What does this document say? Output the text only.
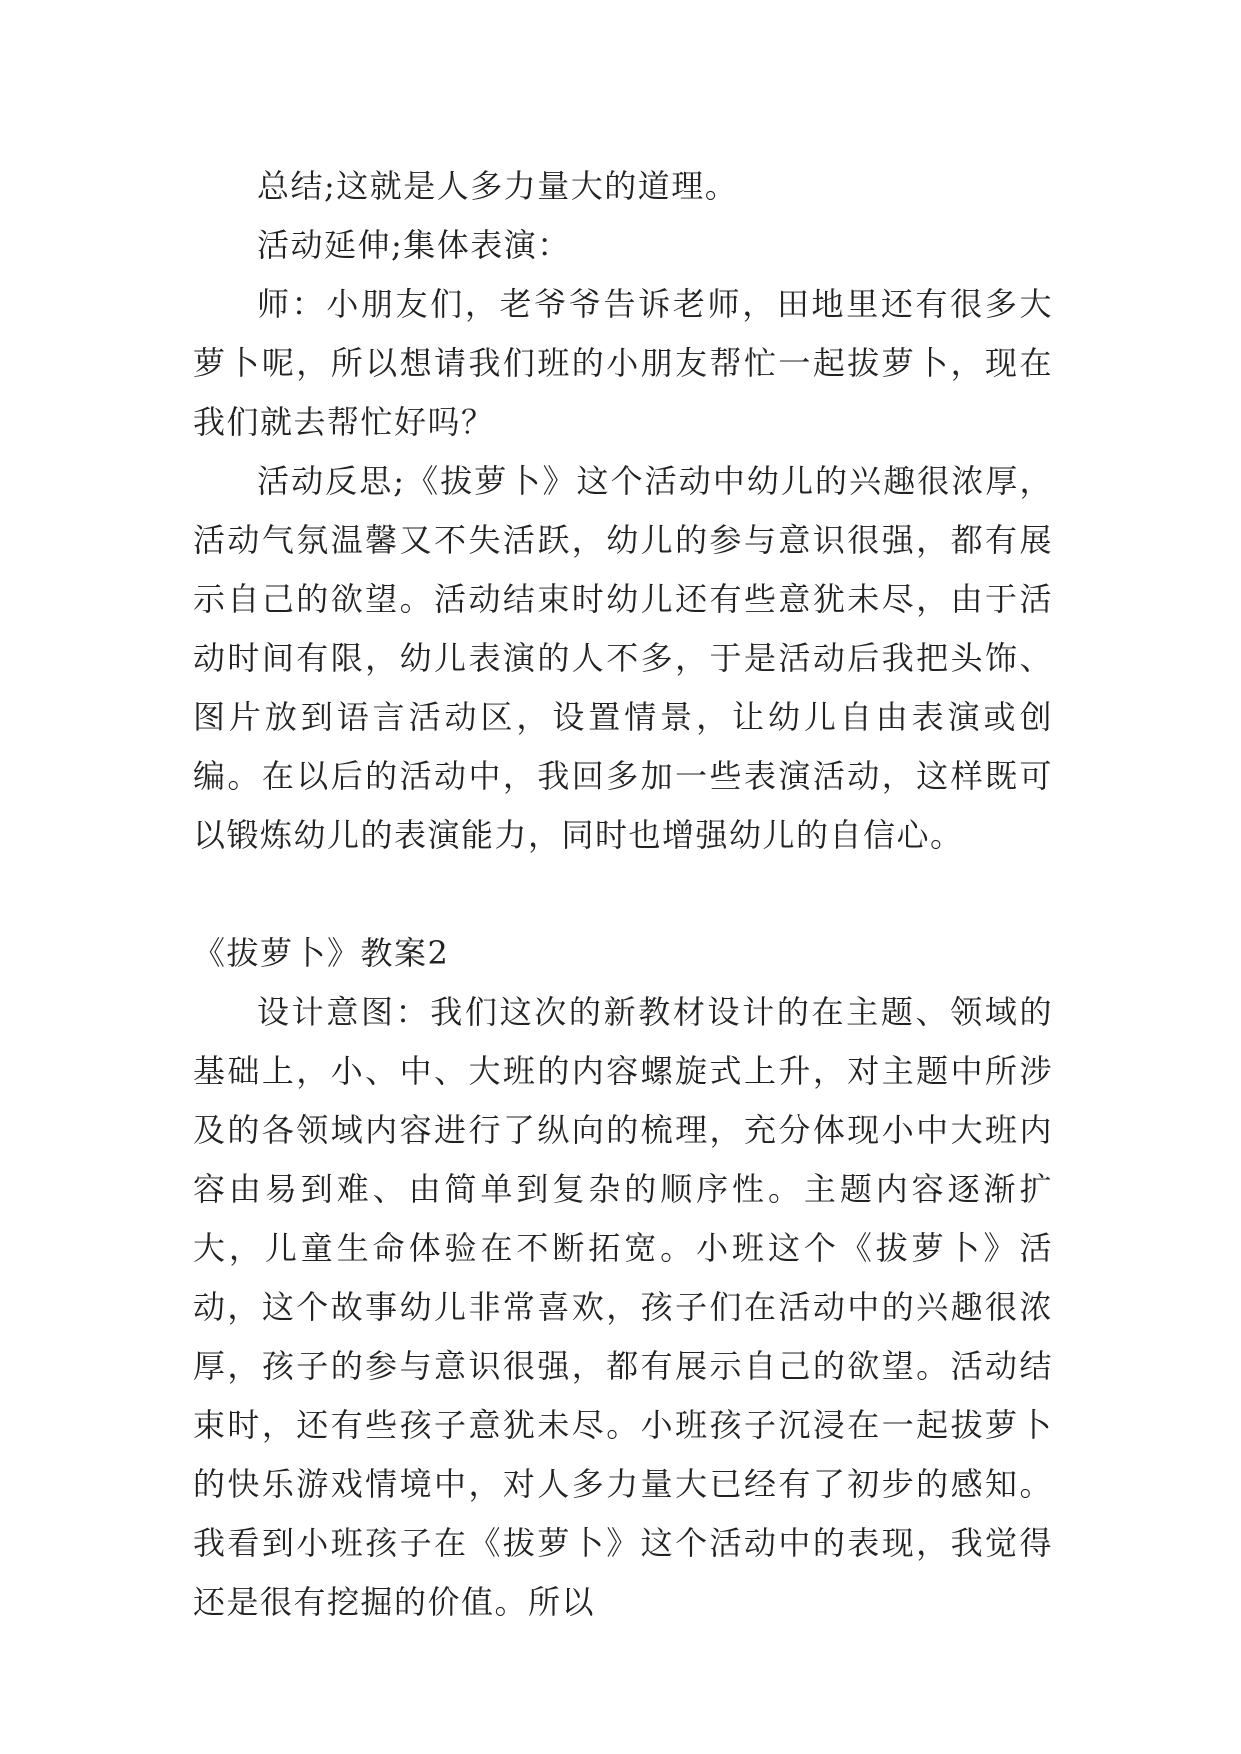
总结;这就是人多力量大的道理。

活动延伸;集体表演：

师：小朋友们，老爷爷告诉老师，田地里还有很多大萝卜呢，所以想请我们班的小朋友帮忙一起拔萝卜，现在我们就去帮忙好吗？

活动反思;《拔萝卜》这个活动中幼儿的兴趣很浓厚，活动气氛温馨又不失活跃，幼儿的参与意识很强，都有展示自己的欲望。活动结束时幼儿还有些意犹未尽，由于活动时间有限，幼儿表演的人不多，于是活动后我把头饰、图片放到语言活动区，设置情景，让幼儿自由表演或创编。在以后的活动中，我回多加一些表演活动，这样既可以锻炼幼儿的表演能力，同时也增强幼儿的自信心。

《拔萝卜》教案2

设计意图：我们这次的新教材设计的在主题、领域的基础上，小、中、大班的内容螺旋式上升，对主题中所涉及的各领域内容进行了纵向的梳理，充分体现小中大班内容由易到难、由简单到复杂的顺序性。主题内容逐渐扩大，儿童生命体验在不断拓宽。小班这个《拔萝卜》活动，这个故事幼儿非常喜欢，孩子们在活动中的兴趣很浓厚，孩子的参与意识很强，都有展示自己的欲望。活动结束时，还有些孩子意犹未尽。小班孩子沉浸在一起拔萝卜的快乐游戏情境中，对人多力量大已经有了初步的感知。我看到小班孩子在《拔萝卜》这个活动中的表现，我觉得还是很有挖掘的价值。所以
